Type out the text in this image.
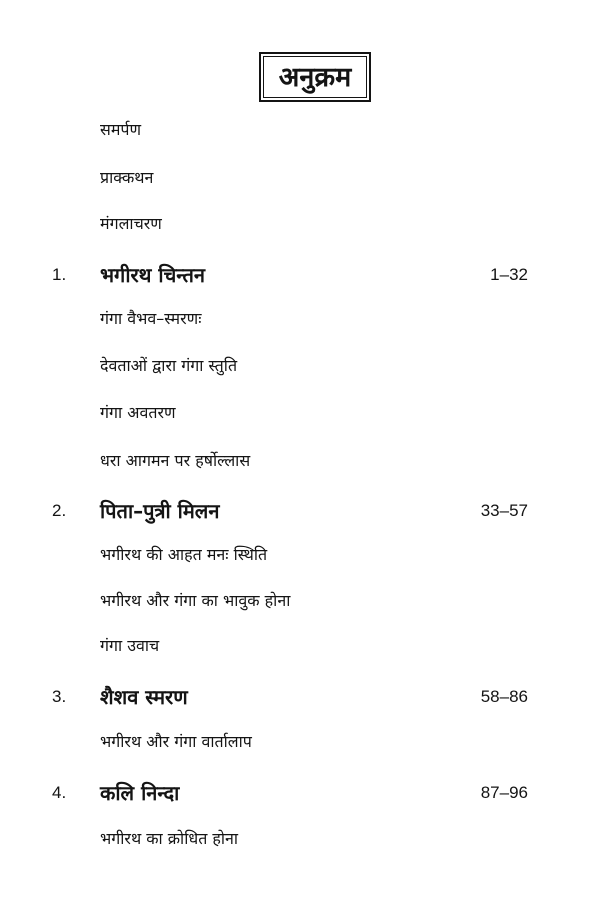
अनुक्रम
समर्पण
प्राक्कथन
मंगलाचरण
1. भगीरथ चिन्तन	1–32
गंगा वैभव–स्मरणः
देवताओं द्वारा गंगा स्तुति
गंगा अवतरण
धरा आगमन पर हर्षोल्लास
2. पिता–पुत्री मिलन	33–57
भगीरथ की आहत मनः स्थिति
भगीरथ और गंगा का भावुक होना
गंगा उवाच
3. शैशव स्मरण	58–86
भगीरथ और गंगा वार्तालाप
4. कलि निन्दा	87–96
भगीरथ का क्रोधित होना
